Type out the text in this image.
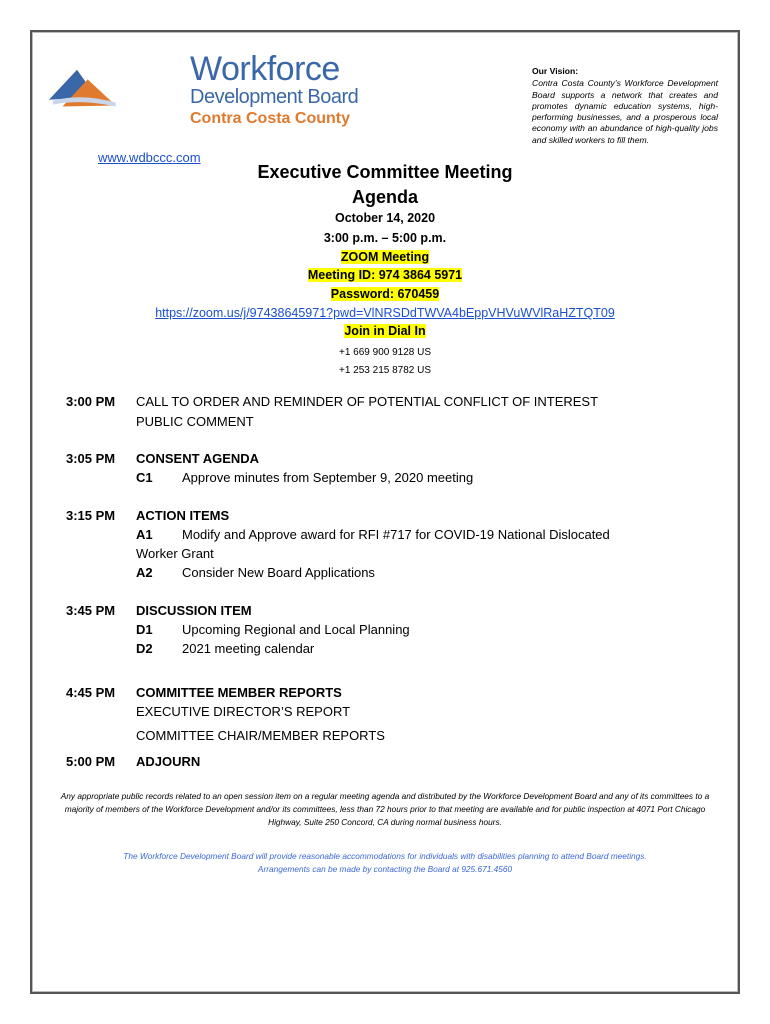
Workforce
Development Board
Contra Costa County
www.wdbccc.com
Our Vision:
Contra Costa County’s Workforce Development Board supports a network that creates and promotes dynamic education systems, high-performing businesses, and a prosperous local economy with an abundance of high-quality jobs and skilled workers to fill them.
Executive Committee Meeting
Agenda
October 14, 2020
3:00 p.m. – 5:00 p.m.
ZOOM Meeting
Meeting ID: 974 3864 5971
Password: 670459
https://zoom.us/j/97438645971?pwd=VlNRSDdTWVA4bEppVHVuWVlRaHZTQT09
Join in Dial In
+1 669 900 9128 US
+1 253 215 8782 US
3:00 PM CALL TO ORDER AND REMINDER OF POTENTIAL CONFLICT OF INTEREST
PUBLIC COMMENT
3:05 PM CONSENT AGENDA
C1 Approve minutes from September 9, 2020 meeting
3:15 PM ACTION ITEMS
A1 Modify and Approve award for RFI #717 for COVID-19 National Dislocated
Worker Grant
A2 Consider New Board Applications
3:45 PM DISCUSSION ITEM
D1 Upcoming Regional and Local Planning
D2 2021 meeting calendar
4:45 PM COMMITTEE MEMBER REPORTS
EXECUTIVE DIRECTOR’S REPORT
COMMITTEE CHAIR/MEMBER REPORTS
5:00 PM ADJOURN
Any appropriate public records related to an open session item on a regular meeting agenda and distributed by the Workforce Development Board and any of its committees to a majority of members of the Workforce Development and/or its committees, less than 72 hours prior to that meeting are available and for public inspection at 4071 Port Chicago Highway, Suite 250 Concord, CA during normal business hours.
The Workforce Development Board will provide reasonable accommodations for individuals with disabilities planning to attend Board meetings.
Arrangements can be made by contacting the Board at 925.671.4560
